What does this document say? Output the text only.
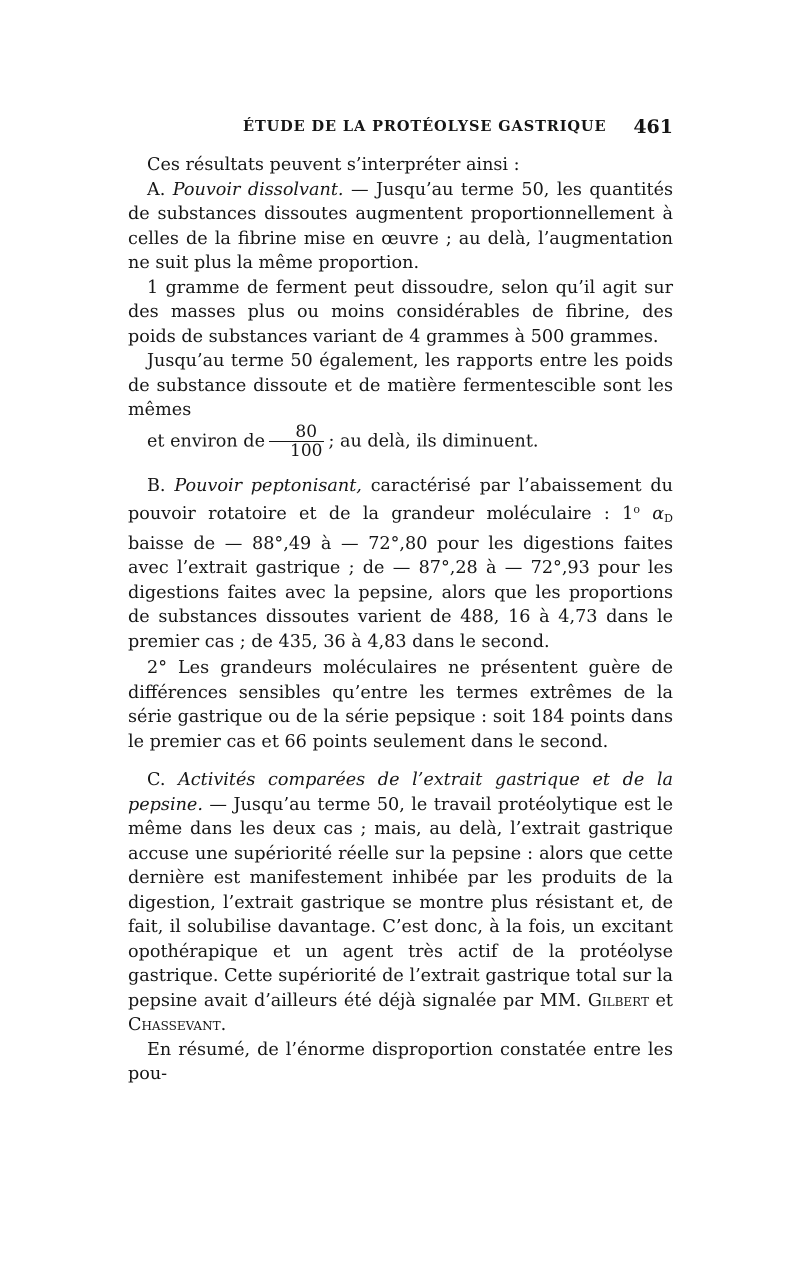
ÉTUDE DE LA PROTÉOLYSE GASTRIQUE 461

Ces résultats peuvent s’interpréter ainsi :

A. Pouvoir dissolvant. — Jusqu’au terme 50, les quantités de substances dissoutes augmentent proportionnellement à celles de la fibrine mise en œuvre ; au delà, l’augmentation ne suit plus la même proportion.

1 gramme de ferment peut dissoudre, selon qu’il agit sur des masses plus ou moins considérables de fibrine, des poids de substances variant de 4 grammes à 500 grammes.

Jusqu’au terme 50 également, les rapports entre les poids de substance dissoute et de matière fermentescible sont les mêmes

et environ de $\frac{80}{100}$ ; au delà, ils diminuent.

B. Pouvoir peptonisant, caractérisé par l’abaissement du pouvoir rotatoire et de la grandeur moléculaire : 1$^o$ $\alpha_D$ baisse de — 88°,49 à — 72°,80 pour les digestions faites avec l’extrait gastrique ; de — 87°,28 à — 72°,93 pour les digestions faites avec la pepsine, alors que les proportions de substances dissoutes varient de 488, 16 à 4,73 dans le premier cas ; de 435, 36 à 4,83 dans le second.

2° Les grandeurs moléculaires ne présentent guère de différences sensibles qu’entre les termes extrêmes de la série gastrique ou de la série pepsique : soit 184 points dans le premier cas et 66 points seulement dans le second.

C. Activités comparées de l’extrait gastrique et de la pepsine. — Jusqu’au terme 50, le travail protéolytique est le même dans les deux cas ; mais, au delà, l’extrait gastrique accuse une supériorité réelle sur la pepsine : alors que cette dernière est manifestement inhibée par les produits de la digestion, l’extrait gastrique se montre plus résistant et, de fait, il solubilise davantage. C’est donc, à la fois, un excitant opothérapique et un agent très actif de la protéolyse gastrique. Cette supériorité de l’extrait gastrique total sur la pepsine avait d’ailleurs été déjà signalée par MM. Gilbert et Chassevant.

En résumé, de l’énorme disproportion constatée entre les pou-
